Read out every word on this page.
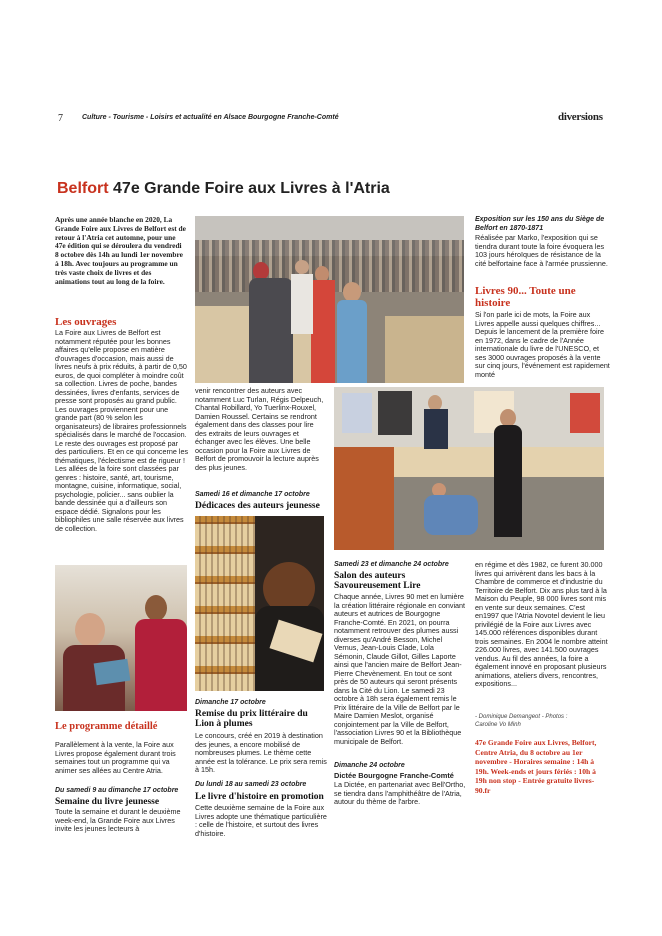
7	Culture - Tourisme - Loisirs et actualité en Alsace Bourgogne Franche-Comté	diversions
Belfort 47e Grande Foire aux Livres à l'Atria
Après une année blanche en 2020, La Grande Foire aux Livres de Belfort est de retour à l'Atria cet automne, pour une 47e édition qui se déroulera du vendredi 8 octobre dès 14h au lundi 1er novembre à 18h. Avec toujours au programme un très vaste choix de livres et des animations tout au long de la foire.
Les ouvrages
La Foire aux Livres de Belfort est notamment réputée pour les bonnes affaires qu'elle propose en matière d'ouvrages d'occasion, mais aussi de livres neufs à prix réduits, à partir de 0,50 euros, de quoi compléter à moindre coût sa collection. Livres de poche, bandes dessinées, livres d'enfants, services de presse sont proposés au grand public. Les ouvrages proviennent pour une grande part (80 % selon les organisateurs) de libraires professionnels spécialisés dans le marché de l'occasion. Le reste des ouvrages est proposé par des particuliers. Et en ce qui concerne les thématiques, l'éclectisme est de rigueur ! Les allées de la foire sont classées par genres : histoire, santé, art, tourisme, montagne, cuisine, informatique, social, psychologie, policier... sans oublier la bande dessinée qui a d'ailleurs son espace dédié. Signalons pour les bibliophiles une salle réservée aux livres de collection.
Le programme détaillé
Parallèlement à la vente, la Foire aux Livres propose également durant trois semaines tout un programme qui va animer ses allées au Centre Atria.
Du samedi 9 au dimanche 17 octobre
Semaine du livre jeunesse
Toute la semaine et durant le deuxième week-end, la Grande Foire aux Livres invite les jeunes lecteurs à
venir rencontrer des auteurs avec notamment Luc Turlan, Régis Delpeuch, Chantal Robillard, Yo Tuerlinx-Rouxel, Damien Roussel. Certains se rendront également dans des classes pour lire des extraits de leurs ouvrages et échanger avec les élèves. Une belle occasion pour la Foire aux Livres de Belfort de promouvoir la lecture auprès des plus jeunes.
Samedi 16 et dimanche 17 octobre
Dédicaces des auteurs jeunesse
Dimanche 17 octobre
Remise du prix littéraire du Lion à plumes
Le concours, créé en 2019 à destination des jeunes, a encore mobilisé de nombreuses plumes. Le thème cette année est la tolérance. Le prix sera remis à 15h.
Du lundi 18 au samedi 23 octobre
Le livre d'histoire en promotion
Cette deuxième semaine de la Foire aux Livres adopte une thématique particulière : celle de l'histoire, et surtout des livres d'histoire.
Exposition sur les 150 ans du Siège de Belfort en 1870-1871
Réalisée par Marko, l'exposition qui se tiendra durant toute la foire évoquera les 103 jours héroïques de résistance de la cité belfortaine face à l'armée prussienne.
Livres 90... Toute une histoire
Si l'on parle ici de mots, la Foire aux Livres appelle aussi quelques chiffres... Depuis le lancement de la première foire en 1972, dans le cadre de l'Année internationale du livre de l'UNESCO, et ses 3000 ouvrages proposés à la vente sur cinq jours, l'événement est rapidement monté
Samedi 23 et dimanche 24 octobre
Salon des auteurs Savoureusement Lire
Chaque année, Livres 90 met en lumière la création littéraire régionale en conviant auteurs et autrices de Bourgogne Franche-Comté. En 2021, on pourra notamment retrouver des plumes aussi diverses qu'André Besson, Michel Vernus, Jean-Louis Clade, Lola Sémonin, Claude Gillot, Gilles Laporte ainsi que l'ancien maire de Belfort Jean-Pierre Chevènement. En tout ce sont près de 50 auteurs qui seront présents dans la Cité du Lion. Le samedi 23 octobre à 18h sera également remis le Prix littéraire de la Ville de Belfort par le Maire Damien Meslot, organisé conjointement par la Ville de Belfort, l'association Livres 90 et la Bibliothèque municipale de Belfort.
Dimanche 24 octobre
Dictée Bourgogne Franche-Comté
La Dictée, en partenariat avec Bell'Ortho, se tiendra dans l'amphithéâtre de l'Atria, autour du thème de l'arbre.
en régime et dès 1982, ce furent 30.000 livres qui arrivèrent dans les bacs à la Chambre de commerce et d'industrie du Territoire de Belfort. Dix ans plus tard à la Maison du Peuple, 98 000 livres sont mis en vente sur deux semaines. C'est en1997 que l'Atria Novotel devient le lieu privilégié de la Foire aux Livres avec 145.000 références disponibles durant trois semaines. En 2004 le nombre atteint 226.000 livres, avec 141.500 ouvrages vendus. Au fil des années, la foire a également innové en proposant plusieurs animations, ateliers divers, rencontres, expositions...
- Dominique Demangeot - Photos : Caroline Vo Minh
47e Grande Foire aux Livres, Belfort, Centre Atria, du 8 octobre au 1er novembre - Horaires semaine : 14h à 19h. Week-ends et jours fériés : 10h à 19h non stop - Entrée gratuite livres-90.fr
